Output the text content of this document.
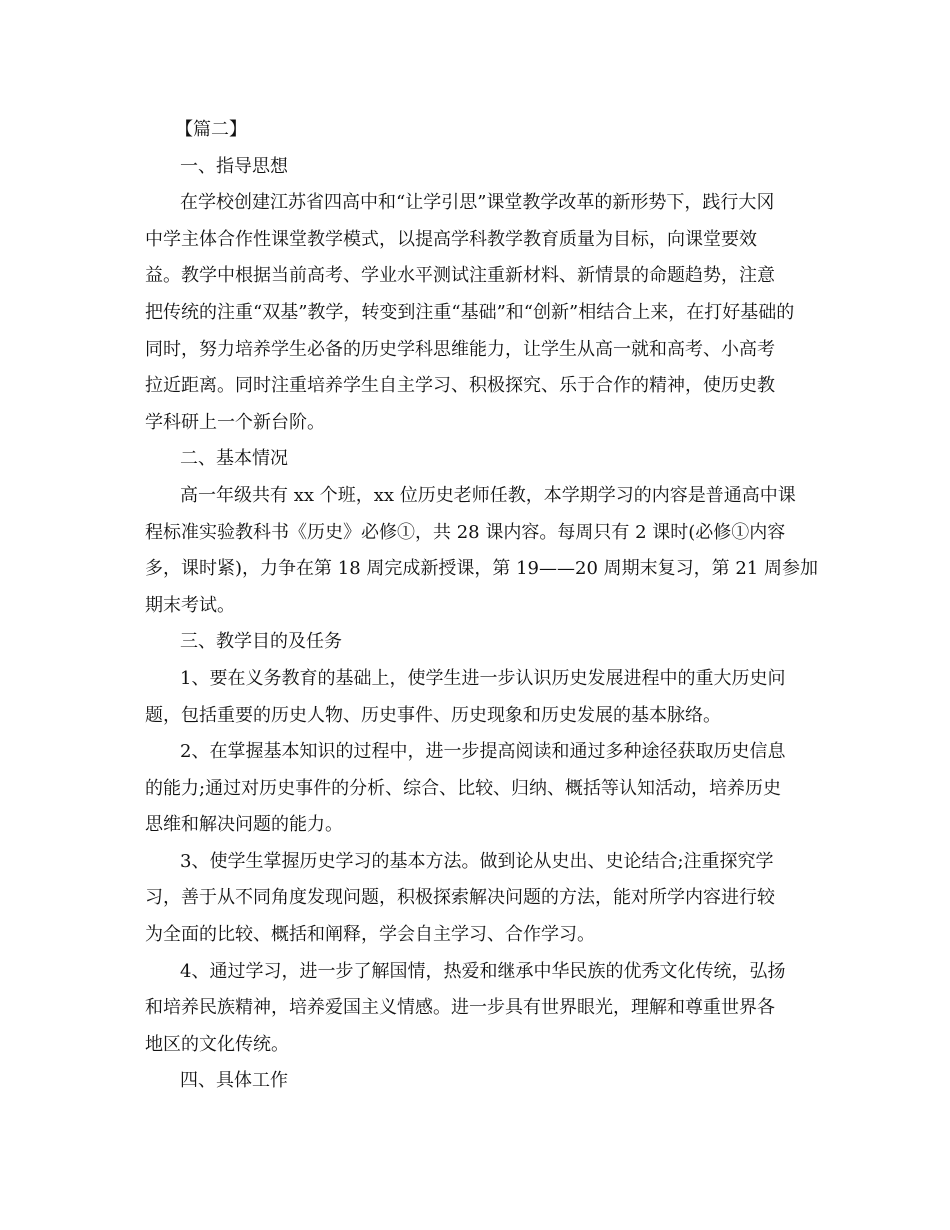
【篇二】
一、指导思想
在学校创建江苏省四高中和“让学引思”课堂教学改革的新形势下，践行大冈
中学主体合作性课堂教学模式，以提高学科教学教育质量为目标，向课堂要效
益。教学中根据当前高考、学业水平测试注重新材料、新情景的命题趋势，注意
把传统的注重“双基”教学，转变到注重“基础”和“创新”相结合上来，在打好基础的
同时，努力培养学生必备的历史学科思维能力，让学生从高一就和高考、小高考
拉近距离。同时注重培养学生自主学习、积极探究、乐于合作的精神，使历史教
学科研上一个新台阶。
二、基本情况
高一年级共有 xx 个班，xx 位历史老师任教，本学期学习的内容是普通高中课
程标准实验教科书《历史》必修①，共 28 课内容。每周只有 2 课时(必修①内容
多，课时紧)，力争在第 18 周完成新授课，第 19——20 周期末复习，第 21 周参加
期末考试。
三、教学目的及任务
1、要在义务教育的基础上，使学生进一步认识历史发展进程中的重大历史问
题，包括重要的历史人物、历史事件、历史现象和历史发展的基本脉络。
2、在掌握基本知识的过程中，进一步提高阅读和通过多种途径获取历史信息
的能力;通过对历史事件的分析、综合、比较、归纳、概括等认知活动，培养历史
思维和解决问题的能力。
3、使学生掌握历史学习的基本方法。做到论从史出、史论结合;注重探究学
习，善于从不同角度发现问题，积极探索解决问题的方法，能对所学内容进行较
为全面的比较、概括和阐释，学会自主学习、合作学习。
4、通过学习，进一步了解国情，热爱和继承中华民族的优秀文化传统，弘扬
和培养民族精神，培养爱国主义情感。进一步具有世界眼光，理解和尊重世界各
地区的文化传统。
四、具体工作
